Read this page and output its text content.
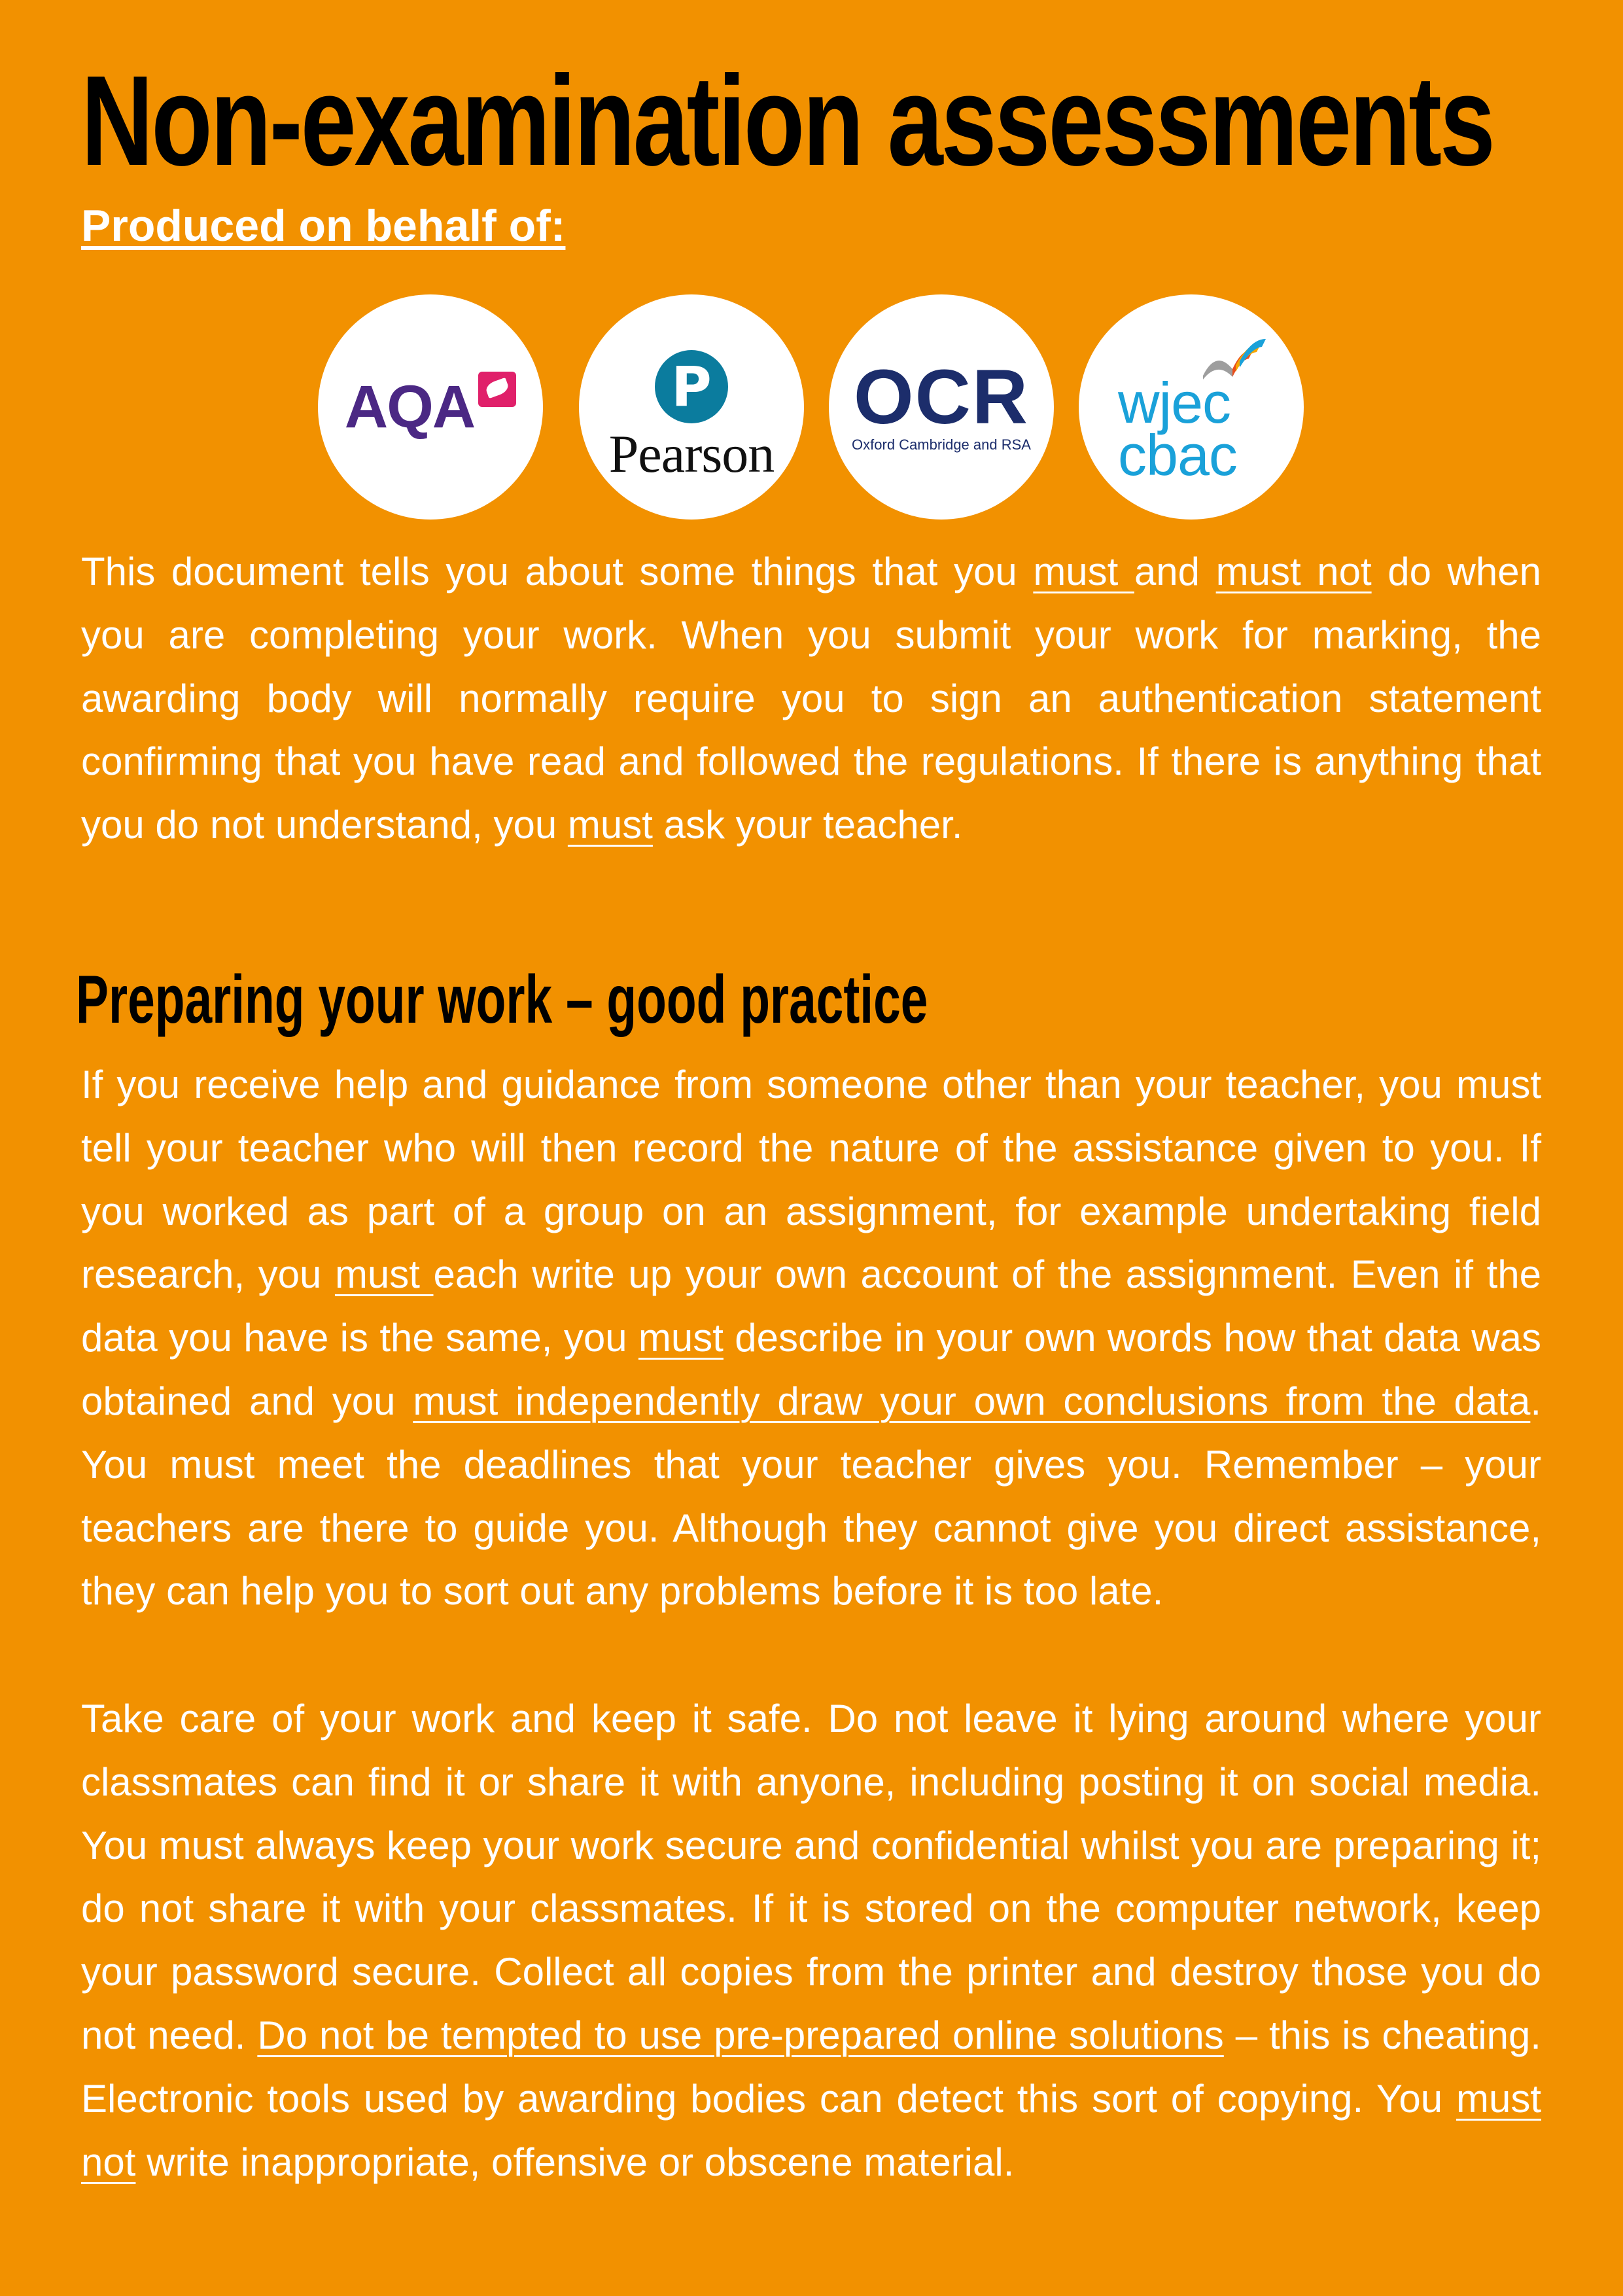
Non-examination assessments

Produced on behalf of:

AQA	P
Pearson
OCR
Oxford Cambridge and RSA
wjec
cbac

This document tells you about some things that you must and must not do when you are completing your work. When you submit your work for marking, the awarding body will normally require you to sign an authentication statement confirming that you have read and followed the regulations. If there is anything that you do not understand, you must ask your teacher.

Preparing your work – good practice

If you receive help and guidance from someone other than your teacher, you must tell your teacher who will then record the nature of the assistance given to you. If you worked as part of a group on an assignment, for example undertaking field research, you must each write up your own account of the assignment. Even if the data you have is the same, you must describe in your own words how that data was obtained and you must independently draw your own conclusions from the data. You must meet the deadlines that your teacher gives you. Remember – your teachers are there to guide you. Although they cannot give you direct assistance, they can help you to sort out any problems before it is too late.

Take care of your work and keep it safe. Do not leave it lying around where your classmates can find it or share it with anyone, including posting it on social media. You must always keep your work secure and confidential whilst you are preparing it; do not share it with your classmates. If it is stored on the computer network, keep your password secure. Collect all copies from the printer and destroy those you do not need. Do not be tempted to use pre-prepared online solutions – this is cheating. Electronic tools used by awarding bodies can detect this sort of copying. You must not write inappropriate, offensive or obscene material.
